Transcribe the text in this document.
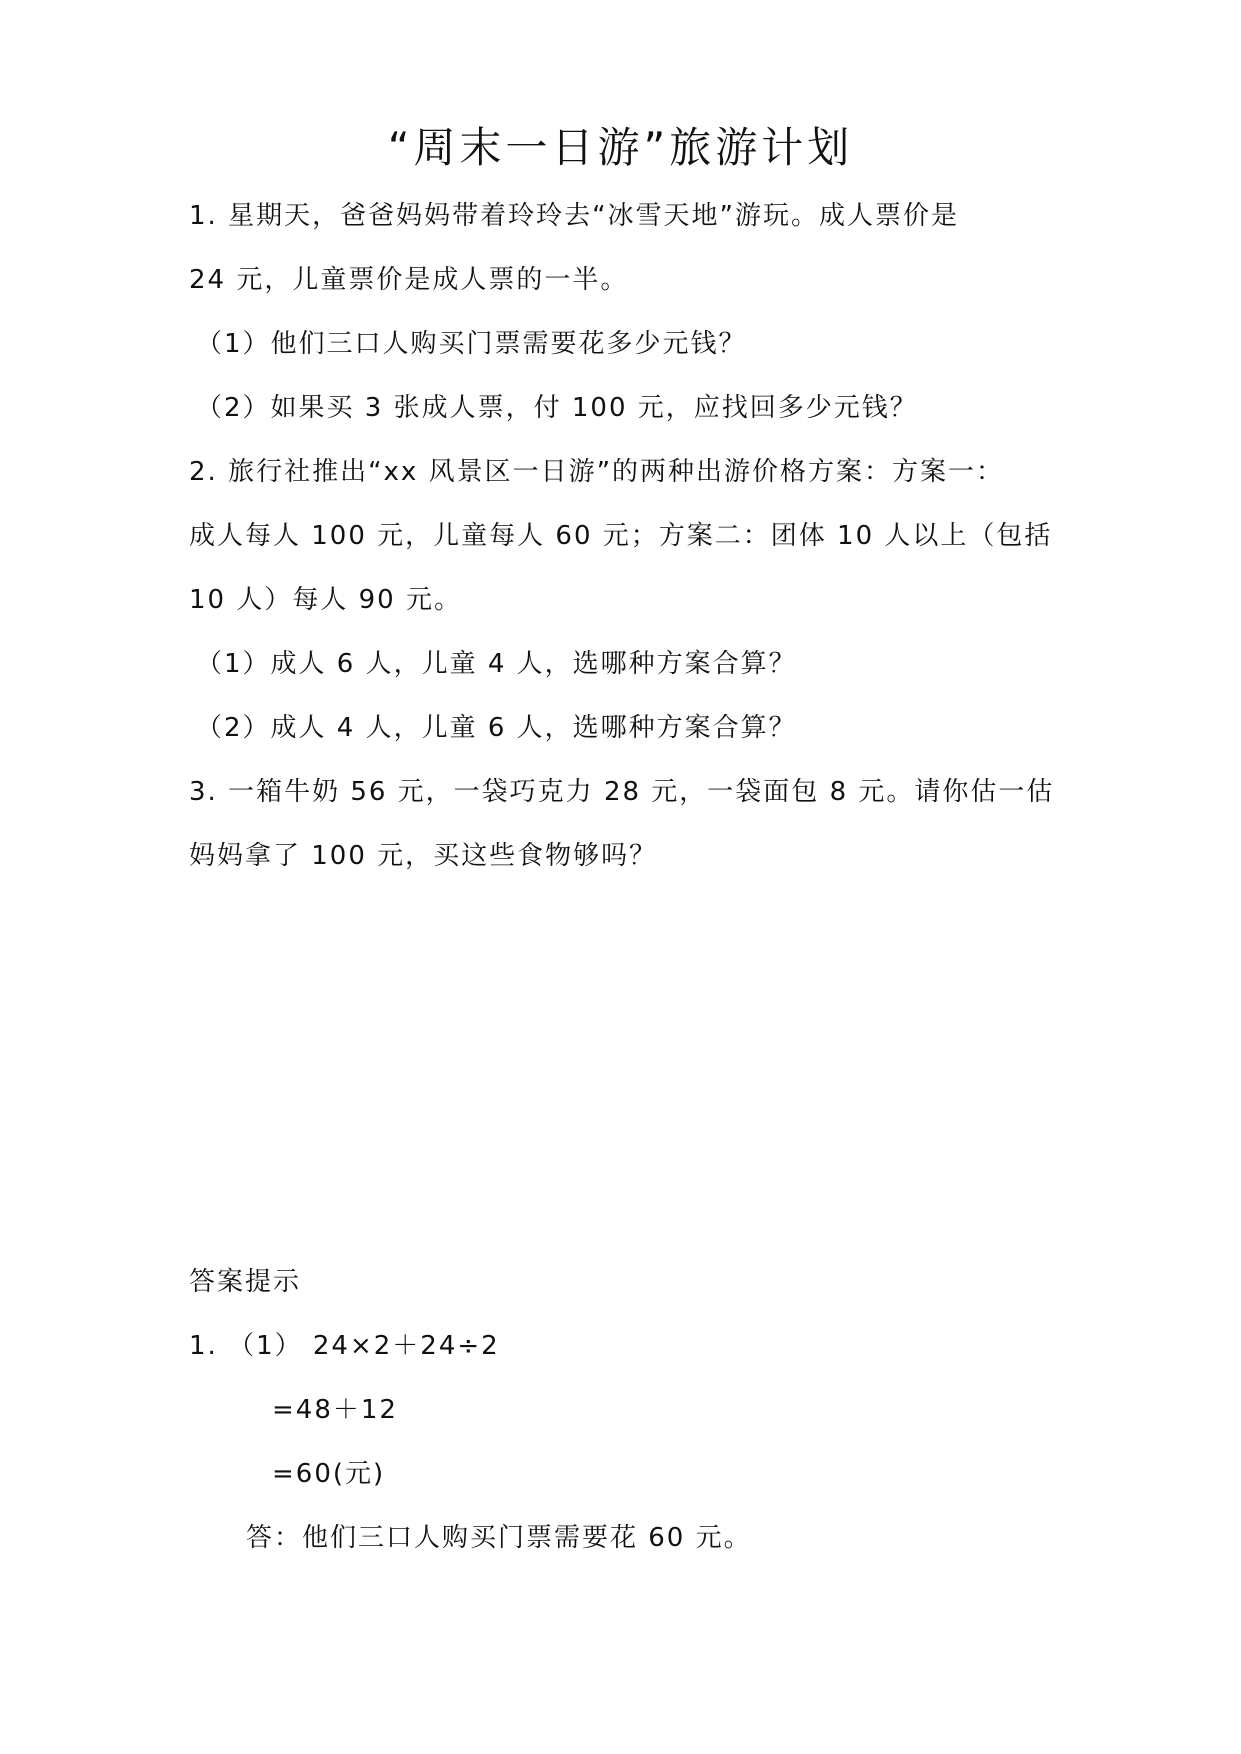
“周末一日游”旅游计划
1. 星期天，爸爸妈妈带着玲玲去“冰雪天地”游玩。成人票价是
24 元，儿童票价是成人票的一半。
（1）他们三口人购买门票需要花多少元钱？
（2）如果买 3 张成人票，付 100 元，应找回多少元钱？
2. 旅行社推出“xx 风景区一日游”的两种出游价格方案：方案一：
成人每人 100 元，儿童每人 60 元；方案二：团体 10 人以上（包括
10 人）每人 90 元。
（1）成人 6 人，儿童 4 人，选哪种方案合算？
（2）成人 4 人，儿童 6 人，选哪种方案合算？
3. 一箱牛奶 56 元，一袋巧克力 28 元，一袋面包 8 元。请你估一估
妈妈拿了 100 元，买这些食物够吗？
答案提示
1. （1） 24×2＋24÷2
=48＋12
=60(元)
答：他们三口人购买门票需要花 60 元。
